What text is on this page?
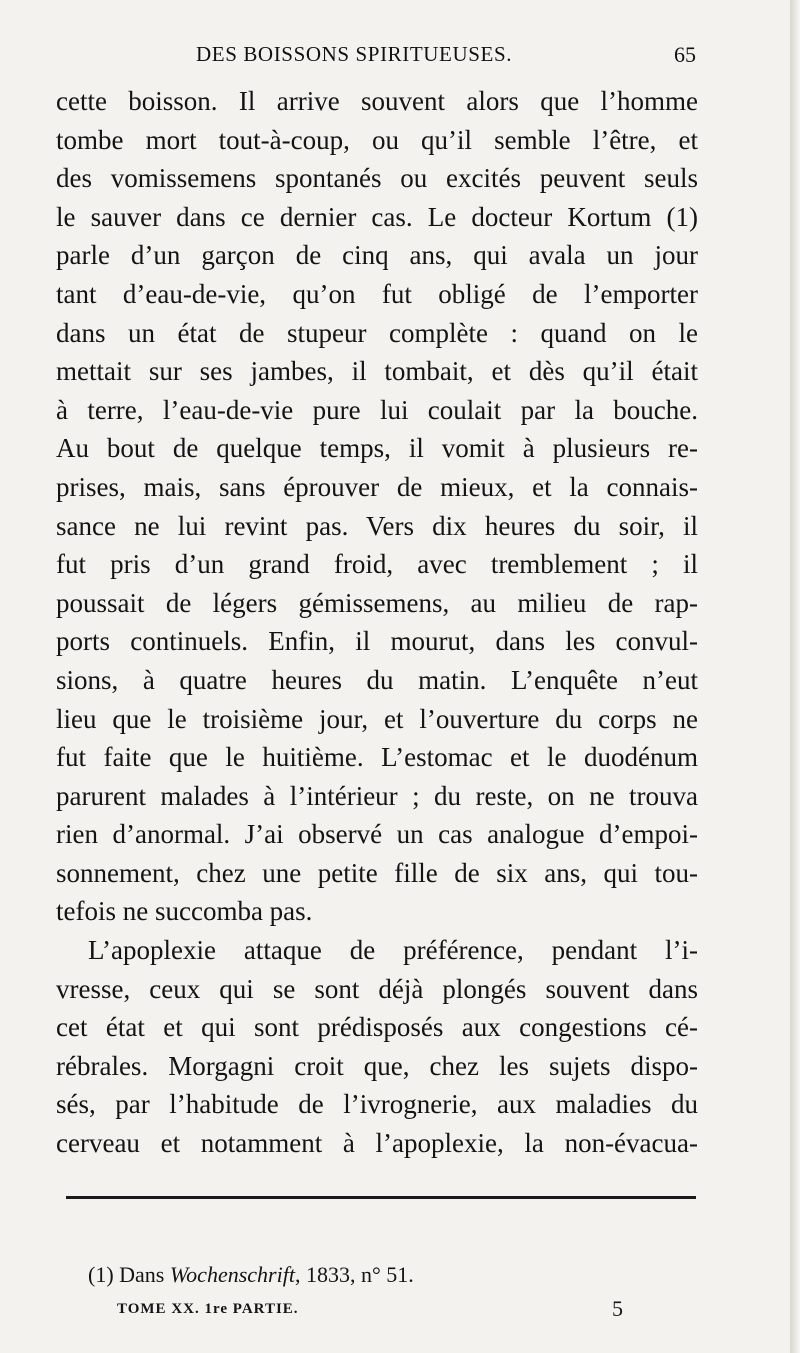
DES BOISSONS SPIRITUEUSES.	65
cette boisson. Il arrive souvent alors que l’homme
tombe mort tout-à-coup, ou qu’il semble l’être, et
des vomissemens spontanés ou excités peuvent seuls
le sauver dans ce dernier cas. Le docteur Kortum (1)
parle d’un garçon de cinq ans, qui avala un jour
tant d’eau-de-vie, qu’on fut obligé de l’emporter
dans un état de stupeur complète : quand on le
mettait sur ses jambes, il tombait, et dès qu’il était
à terre, l’eau-de-vie pure lui coulait par la bouche.
Au bout de quelque temps, il vomit à plusieurs re-
prises, mais, sans éprouver de mieux, et la connais-
sance ne lui revint pas. Vers dix heures du soir, il
fut pris d’un grand froid, avec tremblement ; il
poussait de légers gémissemens, au milieu de rap-
ports continuels. Enfin, il mourut, dans les convul-
sions, à quatre heures du matin. L’enquête n’eut
lieu que le troisième jour, et l’ouverture du corps ne
fut faite que le huitième. L’estomac et le duodénum
parurent malades à l’intérieur ; du reste, on ne trouva
rien d’anormal. J’ai observé un cas analogue d’empoi-
sonnement, chez une petite fille de six ans, qui tou-
tefois ne succomba pas.
L’apoplexie attaque de préférence, pendant l’i-
vresse, ceux qui se sont déjà plongés souvent dans
cet état et qui sont prédisposés aux congestions cé-
rébrales. Morgagni croit que, chez les sujets dispo-
sés, par l’habitude de l’ivrognerie, aux maladies du
cerveau et notamment à l’apoplexie, la non-évacua-
(1) Dans Wochenschrift, 1833, n° 51.
TOME XX. 1re PARTIE.	5
